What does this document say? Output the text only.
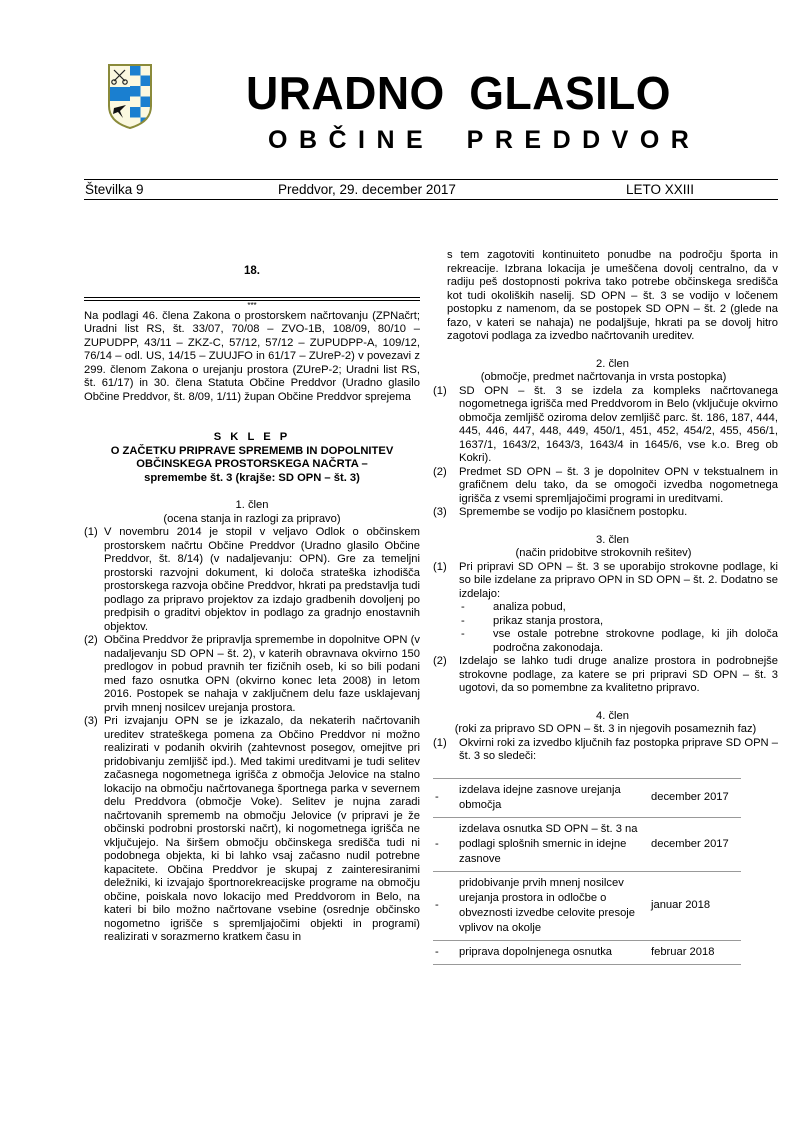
URADNO GLASILO
OBČINE PREDDVOR
Številka 9	Preddvor, 29. december 2017	LETO XXIII
18.
***

Na podlagi 46. člena Zakona o prostorskem načrtovanju (ZPNačrt; Uradni list RS, št. 33/07, 70/08 – ZVO-1B, 108/09, 80/10 – ZUPUDPP, 43/11 – ZKZ-C, 57/12, 57/12 – ZUPUDPP-A, 109/12, 76/14 – odl. US, 14/15 – ZUUJFO in 61/17 – ZUreP-2) v povezavi z 299. členom Zakona o urejanju prostora (ZUreP-2; Uradni list RS, št. 61/17) in 30. člena Statuta Občine Preddvor (Uradno glasilo Občine Preddvor, št. 8/09, 1/11) župan Občine Preddvor sprejema

S K L E P
O ZAČETKU PRIPRAVE SPREMEMB IN DOPOLNITEV
OBČINSKEGA PROSTORSKEGA NAČRTA –
spremembe št. 3 (krajše: SD OPN – št. 3)
1. člen
(ocena stanja in razlogi za pripravo)
(1) V novembru 2014 je stopil v veljavo Odlok o občinskem prostorskem načrtu Občine Preddvor (Uradno glasilo Občine Preddvor, št. 8/14) (v nadaljevanju: OPN). Gre za temeljni prostorski razvojni dokument, ki določa strateška izhodišča prostorskega razvoja občine Preddvor, hkrati pa predstavlja tudi podlago za pripravo projektov za izdajo gradbenih dovoljenj po predpisih o graditvi objektov in podlago za gradnjo enostavnih objektov.
(2) Občina Preddvor že pripravlja spremembe in dopolnitve OPN (v nadaljevanju SD OPN – št. 2), v katerih obravnava okvirno 150 predlogov in pobud pravnih ter fizičnih oseb, ki so bili podani med fazo osnutka OPN (okvirno konec leta 2008) in letom 2016. Postopek se nahaja v zaključnem delu faze usklajevanj prvih mnenj nosilcev urejanja prostora.
(3) Pri izvajanju OPN se je izkazalo, da nekaterih načrtovanih ureditev strateškega pomena za Občino Preddvor ni možno realizirati v podanih okvirih (zahtevnost posegov, omejitve pri pridobivanju zemljišč ipd.). Med takimi ureditvami je tudi selitev začasnega nogometnega igrišča z območja Jelovice na stalno lokacijo na območju načrtovanega športnega parka v severnem delu Preddvora (območje Voke). Selitev je nujna zaradi načrtovanih sprememb na območju Jelovice (v pripravi je že občinski podrobni prostorski načrt), ki nogometnega igrišča ne vključujejo. Na širšem območju občinskega središča tudi ni podobnega objekta, ki bi lahko vsaj začasno nudil potrebne kapacitete. Občina Preddvor je skupaj z zainteresiranimi deležniki, ki izvajajo športnorekreacijske programe na območju občine, poiskala novo lokacijo med Preddvorom in Belo, na kateri bi bilo možno načrtovane vsebine (osrednje občinsko nogometno igrišče s spremljajočimi objekti in programi) realizirati v sorazmerno kratkem času in

s tem zagotoviti kontinuiteto ponudbe na področju športa in rekreacije. Izbrana lokacija je umeščena dovolj centralno, da v radiju peš dostopnosti pokriva tako potrebe občinskega središča kot tudi okoliških naselij. SD OPN – št. 3 se vodijo v ločenem postopku z namenom, da se postopek SD OPN – št. 2 (glede na fazo, v kateri se nahaja) ne podaljšuje, hkrati pa se dovolj hitro zagotovi podlaga za izvedbo načrtovanih ureditev.

2. člen
(območje, predmet načrtovanja in vrsta postopka)
(1)	SD OPN – št. 3 se izdela za kompleks načrtovanega nogometnega igrišča med Preddvorom in Belo (vključuje okvirno območja zemljišč oziroma delov zemljišč parc. št. 186, 187, 444, 445, 446, 447, 448, 449, 450/1, 451, 452, 454/2, 455, 456/1, 1637/1, 1643/2, 1643/3, 1643/4 in 1645/6, vse k.o. Breg ob Kokri).
(2)	Predmet SD OPN – št. 3 je dopolnitev OPN v tekstualnem in grafičnem delu tako, da se omogoči izvedba nogometnega igrišča z vsemi spremljajočimi programi in ureditvami.
(3)	Spremembe se vodijo po klasičnem postopku.
3. člen
(način pridobitve strokovnih rešitev)
(1)	Pri pripravi SD OPN – št. 3 se uporabijo strokovne podlage, ki so bile izdelane za pripravo OPN in SD OPN – št. 2. Dodatno se izdelajo:
-	analiza pobud,
-	prikaz stanja prostora,
-	vse ostale potrebne strokovne podlage, ki jih določa področna zakonodaja.
(2)	Izdelajo se lahko tudi druge analize prostora in podrobnejše strokovne podlage, za katere se pri pripravi SD OPN – št. 3 ugotovi, da so pomembne za kvalitetno pripravo.
4. člen
(roki za pripravo SD OPN – št. 3 in njegovih posameznih faz)
(1)	Okvirni roki za izvedbo ključnih faz postopka priprave SD OPN – št. 3 so sledeči:
-	izdelava idejne zasnove urejanja območja	december 2017
-	izdelava osnutka SD OPN – št. 3 na podlagi splošnih smernic in idejne zasnove	december 2017
-	pridobivanje prvih mnenj nosilcev urejanja prostora in odločbe o obveznosti izvedbe celovite presoje vplivov na okolje	januar 2018
-	priprava dopolnjenega osnutka	februar 2018
